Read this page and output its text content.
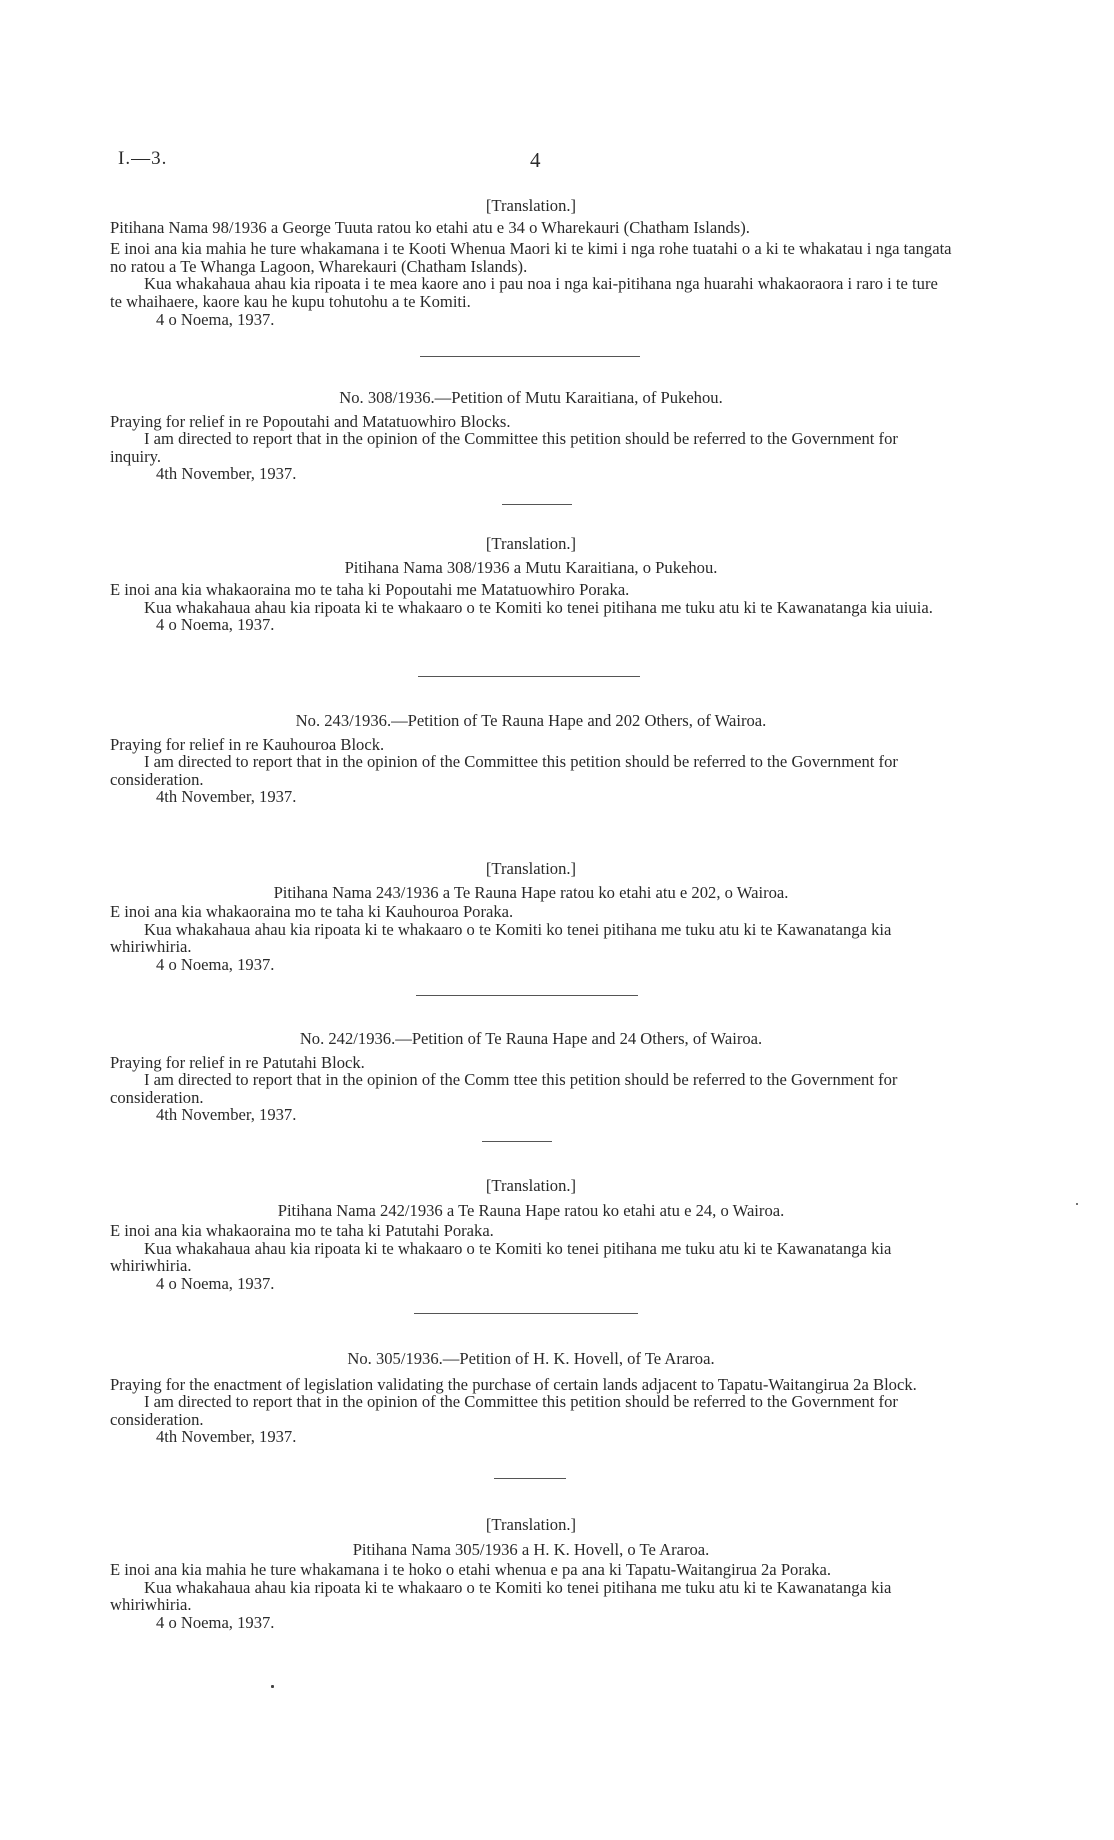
I.—3.	4

[Translation.]

Pitihana Nama 98/1936 a George Tuuta ratou ko etahi atu e 34 o Wharekauri (Chatham Islands).

E inoi ana kia mahia he ture whakamana i te Kooti Whenua Maori ki te kimi i nga rohe tuatahi o a ki te whakatau i nga tangata no ratou a Te Whanga Lagoon, Wharekauri (Chatham Islands).

Kua whakahaua ahau kia ripoata i te mea kaore ano i pau noa i nga kai-pitihana nga huarahi whakaoraora i raro i te ture te whaihaere, kaore kau he kupu tohutohu a te Komiti.

4 o Noema, 1937.

No. 308/1936.—Petition of Mutu Karaitiana, of Pukehou.

Praying for relief in re Popoutahi and Matatuowhiro Blocks.

I am directed to report that in the opinion of the Committee this petition should be referred to the Government for inquiry.

4th November, 1937.

[Translation.]

Pitihana Nama 308/1936 a Mutu Karaitiana, o Pukehou.

E inoi ana kia whakaoraina mo te taha ki Popoutahi me Matatuowhiro Poraka.

Kua whakahaua ahau kia ripoata ki te whakaaro o te Komiti ko tenei pitihana me tuku atu ki te Kawanatanga kia uiuia.

4 o Noema, 1937.

No. 243/1936.—Petition of Te Rauna Hape and 202 Others, of Wairoa.

Praying for relief in re Kauhouroa Block.

I am directed to report that in the opinion of the Committee this petition should be referred to the Government for consideration.

4th November, 1937.

[Translation.]

Pitihana Nama 243/1936 a Te Rauna Hape ratou ko etahi atu e 202, o Wairoa.

E inoi ana kia whakaoraina mo te taha ki Kauhouroa Poraka.

Kua whakahaua ahau kia ripoata ki te whakaaro o te Komiti ko tenei pitihana me tuku atu ki te Kawanatanga kia whiriwhiria.

4 o Noema, 1937.

No. 242/1936.—Petition of Te Rauna Hape and 24 Others, of Wairoa.

Praying for relief in re Patutahi Block.

I am directed to report that in the opinion of the Comm ttee this petition should be referred to the Government for consideration.

4th November, 1937.

[Translation.]

Pitihana Nama 242/1936 a Te Rauna Hape ratou ko etahi atu e 24, o Wairoa.

E inoi ana kia whakaoraina mo te taha ki Patutahi Poraka.

Kua whakahaua ahau kia ripoata ki te whakaaro o te Komiti ko tenei pitihana me tuku atu ki te Kawanatanga kia whiriwhiria.

4 o Noema, 1937.

No. 305/1936.—Petition of H. K. Hovell, of Te Araroa.

Praying for the enactment of legislation validating the purchase of certain lands adjacent to Tapatu-Waitangirua 2a Block.

I am directed to report that in the opinion of the Committee this petition should be referred to the Government for consideration.

4th November, 1937.

[Translation.]

Pitihana Nama 305/1936 a H. K. Hovell, o Te Araroa.

E inoi ana kia mahia he ture whakamana i te hoko o etahi whenua e pa ana ki Tapatu-Waitangirua 2a Poraka.

Kua whakahaua ahau kia ripoata ki te whakaaro o te Komiti ko tenei pitihana me tuku atu ki te Kawanatanga kia whiriwhiria.

4 o Noema, 1937.
